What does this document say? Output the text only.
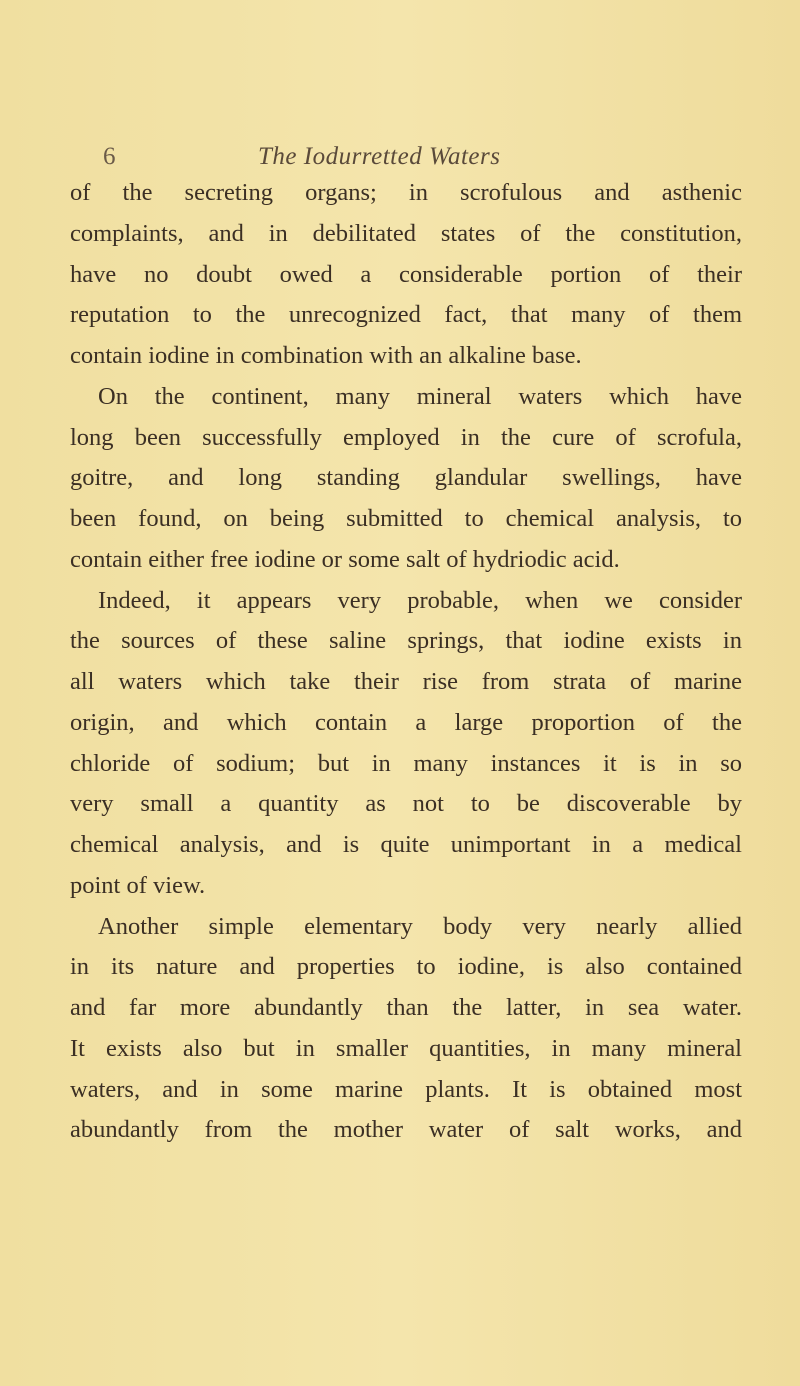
6	The Iodurretted Waters
of the secreting organs; in scrofulous and asthenic
complaints, and in debilitated states of the constitution,
have no doubt owed a considerable portion of their
reputation to the unrecognized fact, that many of them
contain iodine in combination with an alkaline base.
On the continent, many mineral waters which have
long been successfully employed in the cure of scrofula,
goitre, and long standing glandular swellings, have
been found, on being submitted to chemical analysis, to
contain either free iodine or some salt of hydriodic acid.
Indeed, it appears very probable, when we consider
the sources of these saline springs, that iodine exists in
all waters which take their rise from strata of marine
origin, and which contain a large proportion of the
chloride of sodium; but in many instances it is in so
very small a quantity as not to be discoverable by
chemical analysis, and is quite unimportant in a medical
point of view.
Another simple elementary body very nearly allied
in its nature and properties to iodine, is also contained
and far more abundantly than the latter, in sea water.
It exists also but in smaller quantities, in many mineral
waters, and in some marine plants. It is obtained most
abundantly from the mother water of salt works, and
